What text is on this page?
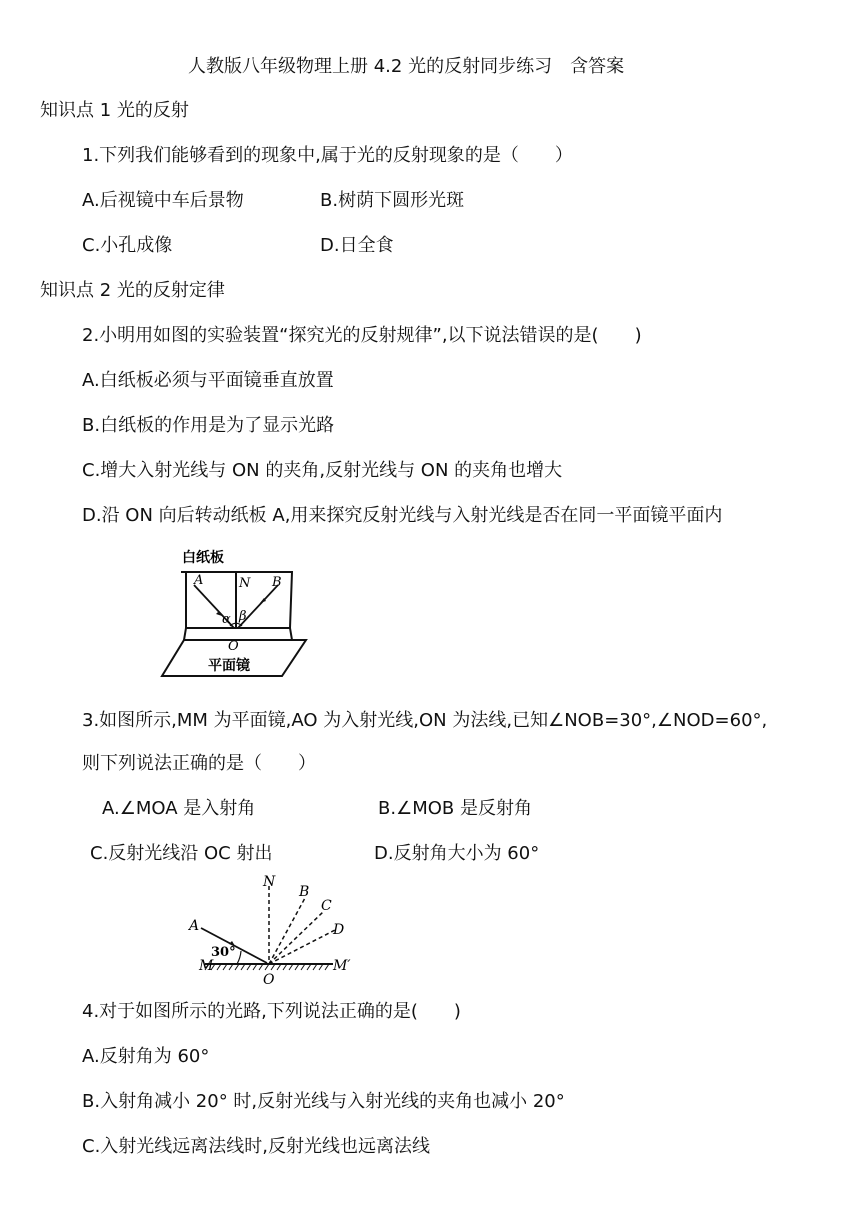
人教版八年级物理上册 4.2 光的反射同步练习　含答案
知识点 1 光的反射
1.下列我们能够看到的现象中,属于光的反射现象的是（　　）
A.后视镜中车后景物	B.树荫下圆形光斑
C.小孔成像	D.日全食
知识点 2 光的反射定律
2.小明用如图的实验装置“探究光的反射规律”,以下说法错误的是(　　)
A.白纸板必须与平面镜垂直放置
B.白纸板的作用是为了显示光路
C.增大入射光线与 ON 的夹角,反射光线与 ON 的夹角也增大
D.沿 ON 向后转动纸板 A,用来探究反射光线与入射光线是否在同一平面镜平面内
白纸板
A	N B
α β
O
平面镜
3.如图所示,MM 为平面镜,AO 为入射光线,ON 为法线,已知∠NOB=30°,∠NOD=60°,
则下列说法正确的是（　　）
A.∠MOA 是入射角	B.∠MOB 是反射角
C.反射光线沿 OC 射出	D.反射角大小为 60°
N
B
C
D
A
30°
M
O
M′
4.对于如图所示的光路,下列说法正确的是(　　)
A.反射角为 60°
B.入射角减小 20° 时,反射光线与入射光线的夹角也减小 20°
C.入射光线远离法线时,反射光线也远离法线
